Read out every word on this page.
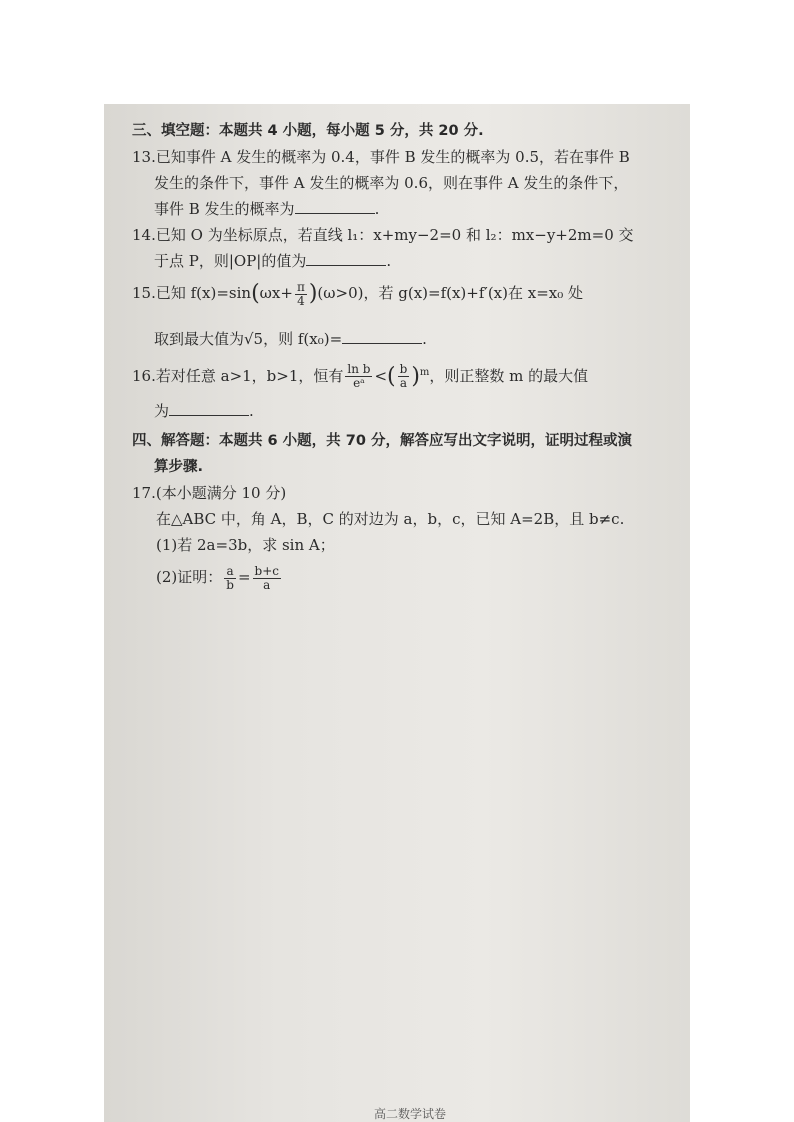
三、填空题：本题共 4 小题，每小题 5 分，共 20 分.
13.已知事件 A 发生的概率为 0.4，事件 B 发生的概率为 0.5，若在事件 B
发生的条件下，事件 A 发生的概率为 0.6，则在事件 A 发生的条件下，
事件 B 发生的概率为	.
14.已知 O 为坐标原点，若直线 l₁：x+my−2=0 和 l₂：mx−y+2m=0 交
于点 P，则|OP|的值为	.
15.已知 $f(x)=\sin(\omega x+ \frac{\pi}{4} )(\omega>0)$，若 g(x)=f(x)+f′(x)在 x=x₀ 处
取到最大值为√5，则 f(x₀)=	.
16.若对任意 a>1，b>1，恒有 $\frac{\text{ln b}}{\text{eᵃ}}$ <( $\frac{b}{a} )^m$，则正整数 m 的最大值
为	.
四、解答题：本题共 6 小题，共 70 分，解答应写出文字说明，证明过程或演
算步骤.
17.(本小题满分 10 分)
在△ABC 中，角 A，B，C 的对边为 a，b，c，已知 A=2B，且 b≠c.
(1)若 2a=3b，求 sin A；
(2)证明： $\frac{a}{b} = \frac{b+c}{a}$
高二数学试卷
